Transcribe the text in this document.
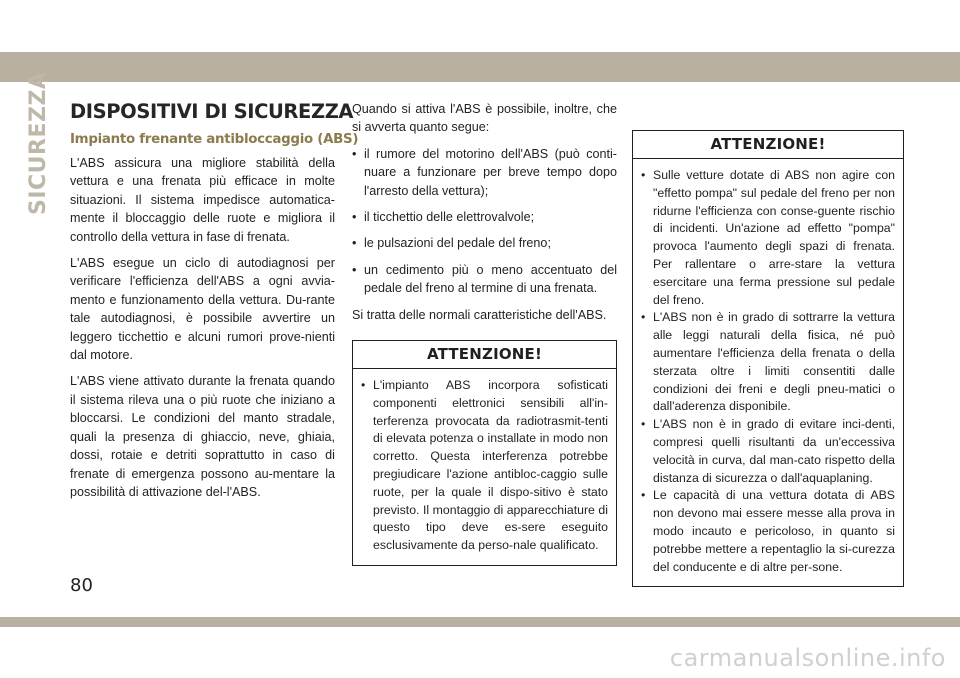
SICUREZZA DISPOSITIVI DI SICUREZZA
Impianto frenante antibloccaggio (ABS)

L'ABS assicura una migliore stabilità della vettura e una frenata più efficace in molte situazioni. Il sistema impedisce automatica-mente il bloccaggio delle ruote e migliora il controllo della vettura in fase di frenata.

L'ABS esegue un ciclo di autodiagnosi per verificare l'efficienza dell'ABS a ogni avvia-mento e funzionamento della vettura. Du-rante tale autodiagnosi, è possibile avvertire un leggero ticchettio e alcuni rumori prove-nienti dal motore.

L'ABS viene attivato durante la frenata quando il sistema rileva una o più ruote che iniziano a bloccarsi. Le condizioni del manto stradale, quali la presenza di ghiaccio, neve, ghiaia, dossi, rotaie e detriti soprattutto in caso di frenate di emergenza possono au-mentare la possibilità di attivazione del-l'ABS.

Quando si attiva l'ABS è possibile, inoltre, che si avverta quanto segue:

• il rumore del motorino dell'ABS (può conti-nuare a funzionare per breve tempo dopo l'arresto della vettura);
• il ticchettio delle elettrovalvole;
• le pulsazioni del pedale del freno;
• un cedimento più o meno accentuato del pedale del freno al termine di una frenata.

Si tratta delle normali caratteristiche dell'ABS.

ATTENZIONE!
• L'impianto ABS incorpora sofisticati componenti elettronici sensibili all'in-terferenza provocata da radiotrasmit-tenti di elevata potenza o installate in modo non corretto. Questa interferenza potrebbe pregiudicare l'azione antibloc-caggio sulle ruote, per la quale il dispo-sitivo è stato previsto. Il montaggio di apparecchiature di questo tipo deve es-sere eseguito esclusivamente da perso-nale qualificato.
ATTENZIONE!
• Sulle vetture dotate di ABS non agire con "effetto pompa" sul pedale del freno per non ridurne l'efficienza con conse-guente rischio di incidenti. Un'azione ad effetto "pompa" provoca l'aumento degli spazi di frenata. Per rallentare o arre-stare la vettura esercitare una ferma pressione sul pedale del freno.
• L'ABS non è in grado di sottrarre la vettura alle leggi naturali della fisica, né può aumentare l'efficienza della frenata o della sterzata oltre i limiti consentiti dalle condizioni dei freni e degli pneu-matici o dall'aderenza disponibile.
• L'ABS non è in grado di evitare inci-denti, compresi quelli risultanti da un'eccessiva velocità in curva, dal man-cato rispetto della distanza di sicurezza o dall'aquaplaning.
• Le capacità di una vettura dotata di ABS non devono mai essere messe alla prova in modo incauto e pericoloso, in quanto si potrebbe mettere a repentaglio la si-curezza del conducente e di altre per-sone.
80
carmanualsonline.info
